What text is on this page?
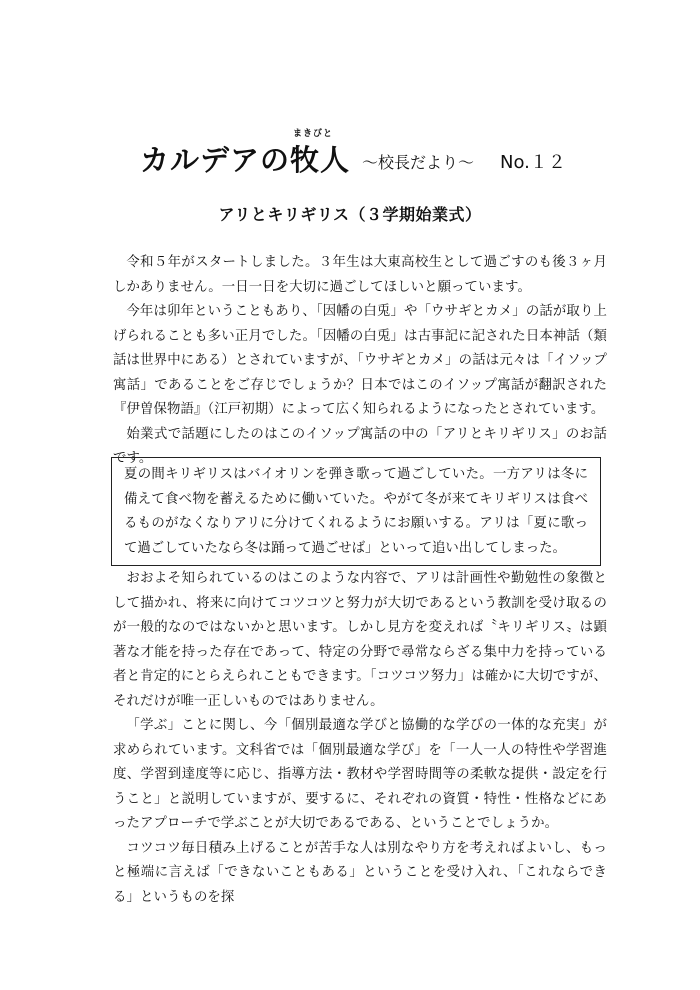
まきびと
カルデアの牧人 ～校長だより～ No.１２
アリとキリギリス（３学期始業式）

令和５年がスタートしました。３年生は大東高校生として過ごすのも後３ヶ月しかありません。一日一日を大切に過ごしてほしいと願っています。

今年は卯年ということもあり、「因幡の白兎」や「ウサギとカメ」の話が取り上げられることも多い正月でした。「因幡の白兎」は古事記に記された日本神話（類話は世界中にある）とされていますが、「ウサギとカメ」の話は元々は「イソップ寓話」であることをご存じでしょうか？日本ではこのイソップ寓話が翻訳された『伊曽保物語』（江戸初期）によって広く知られるようになったとされています。

始業式で話題にしたのはこのイソップ寓話の中の「アリとキリギリス」のお話です。

夏の間キリギリスはバイオリンを弾き歌って過ごしていた。一方アリは冬に備えて食べ物を蓄えるために働いていた。やがて冬が来てキリギリスは食べるものがなくなりアリに分けてくれるようにお願いする。アリは「夏に歌って過ごしていたなら冬は踊って過ごせば」といって追い出してしまった。

おおよそ知られているのはこのような内容で、アリは計画性や勤勉性の象徴として描かれ、将来に向けてコツコツと努力が大切であるという教訓を受け取るのが一般的なのではないかと思います。しかし見方を変えれば〝キリギリス〟は顕著な才能を持った存在であって、特定の分野で尋常ならざる集中力を持っている者と肯定的にとらえられこともできます。「コツコツ努力」は確かに大切ですが、それだけが唯一正しいものではありません。

「学ぶ」ことに関し、今「個別最適な学びと協働的な学びの一体的な充実」が求められています。文科省では「個別最適な学び」を「一人一人の特性や学習進度、学習到達度等に応じ、指導方法・教材や学習時間等の柔軟な提供・設定を行うこと」と説明していますが、要するに、それぞれの資質・特性・性格などにあったアプローチで学ぶことが大切であるである、ということでしょうか。

コツコツ毎日積み上げることが苦手な人は別なやり方を考えればよいし、もっと極端に言えば「できないこともある」ということを受け入れ、「これならできる」というものを探
